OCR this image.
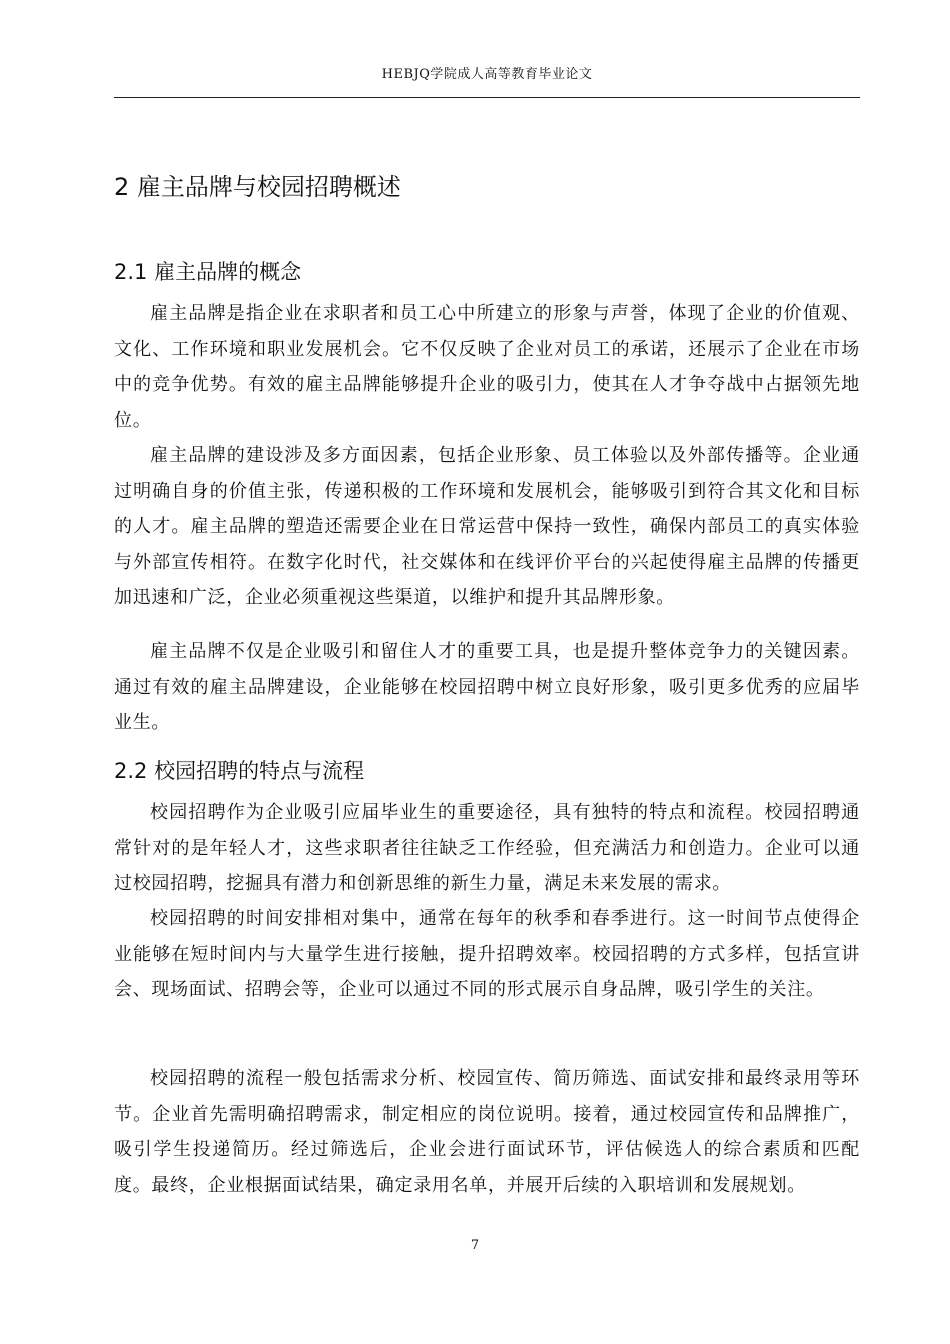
HEBJQ学院成人高等教育毕业论文
2 雇主品牌与校园招聘概述
2.1 雇主品牌的概念

雇主品牌是指企业在求职者和员工心中所建立的形象与声誉，体现了企业的价值观、文化、工作环境和职业发展机会。它不仅反映了企业对员工的承诺，还展示了企业在市场中的竞争优势。有效的雇主品牌能够提升企业的吸引力，使其在人才争夺战中占据领先地位。

雇主品牌的建设涉及多方面因素，包括企业形象、员工体验以及外部传播等。企业通过明确自身的价值主张，传递积极的工作环境和发展机会，能够吸引到符合其文化和目标的人才。雇主品牌的塑造还需要企业在日常运营中保持一致性，确保内部员工的真实体验与外部宣传相符。在数字化时代，社交媒体和在线评价平台的兴起使得雇主品牌的传播更加迅速和广泛，企业必须重视这些渠道，以维护和提升其品牌形象。

雇主品牌不仅是企业吸引和留住人才的重要工具，也是提升整体竞争力的关键因素。通过有效的雇主品牌建设，企业能够在校园招聘中树立良好形象，吸引更多优秀的应届毕业生。

2.2 校园招聘的特点与流程

校园招聘作为企业吸引应届毕业生的重要途径，具有独特的特点和流程。校园招聘通常针对的是年轻人才，这些求职者往往缺乏工作经验，但充满活力和创造力。企业可以通过校园招聘，挖掘具有潜力和创新思维的新生力量，满足未来发展的需求。

校园招聘的时间安排相对集中，通常在每年的秋季和春季进行。这一时间节点使得企业能够在短时间内与大量学生进行接触，提升招聘效率。校园招聘的方式多样，包括宣讲会、现场面试、招聘会等，企业可以通过不同的形式展示自身品牌，吸引学生的关注。

校园招聘的流程一般包括需求分析、校园宣传、简历筛选、面试安排和最终录用等环节。企业首先需明确招聘需求，制定相应的岗位说明。接着，通过校园宣传和品牌推广，吸引学生投递简历。经过筛选后，企业会进行面试环节，评估候选人的综合素质和匹配度。最终，企业根据面试结果，确定录用名单，并展开后续的入职培训和发展规划。

7
